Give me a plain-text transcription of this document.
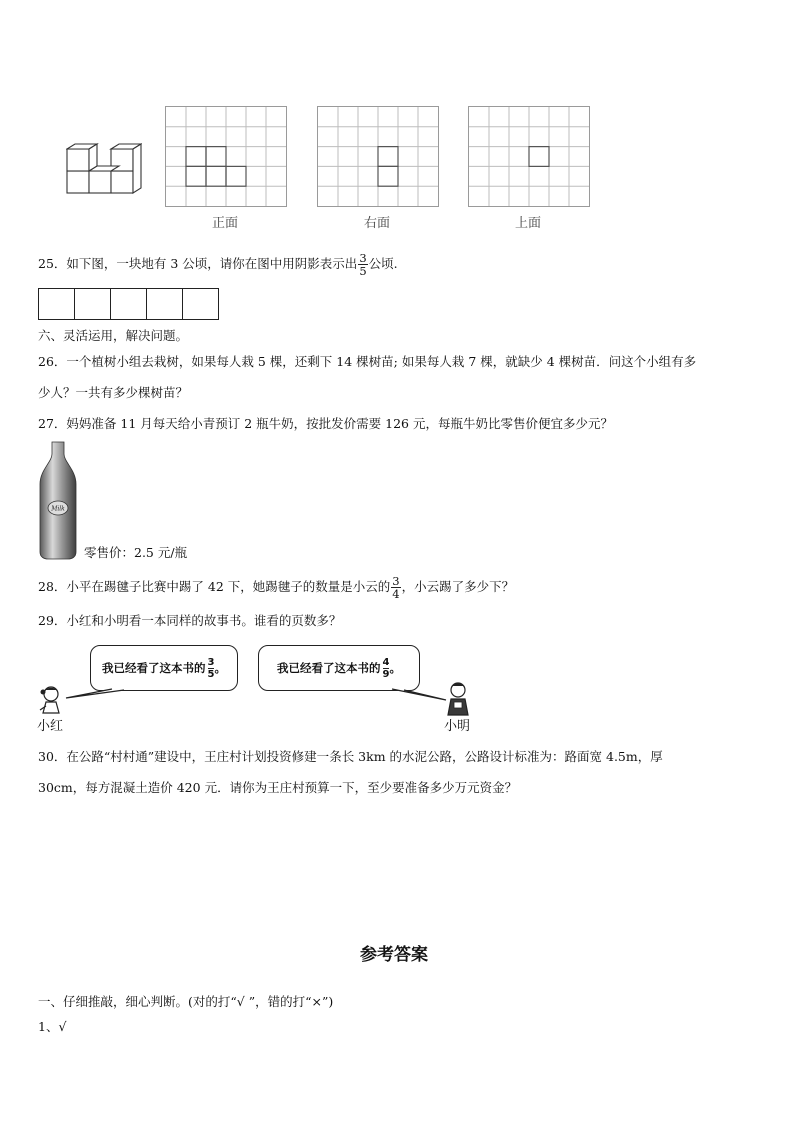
正面	右面	上面
25．如下图，一块地有 3 公顷，请你在图中用阴影表示出 $\frac{3}{5}$ 公顷.
六、灵活运用，解决问题。
26．一个植树小组去栽树，如果每人栽 5 棵，还剩下 14 棵树苗; 如果每人栽 7 棵，就缺少 4 棵树苗．问这个小组有多
少人？一共有多少棵树苗？
27．妈妈准备 11 月每天给小青预订 2 瓶牛奶，按批发价需要 126 元，每瓶牛奶比零售价便宜多少元？
Milk
零售价：2.5 元/瓶
28．小平在踢毽子比赛中踢了 42 下，她踢毽子的数量是小云的 $\frac{3}{4}$ ，小云踢了多少下？
29．小红和小明看一本同样的故事书。谁看的页数多？
我已经看了这本书的 $\frac{3}{5}$ 。	我已经看了这本书的 $\frac{4}{9}$ 。
小红	小明
30．在公路“村村通”建设中，王庄村计划投资修建一条长 3km 的水泥公路，公路设计标准为：路面宽 4.5m，厚
30cm，每方混凝土造价 420 元．请你为王庄村预算一下，至少要准备多少万元资金？
参考答案
一、仔细推敲，细心判断。(对的打“√ ”，错的打“×”)
1、√
